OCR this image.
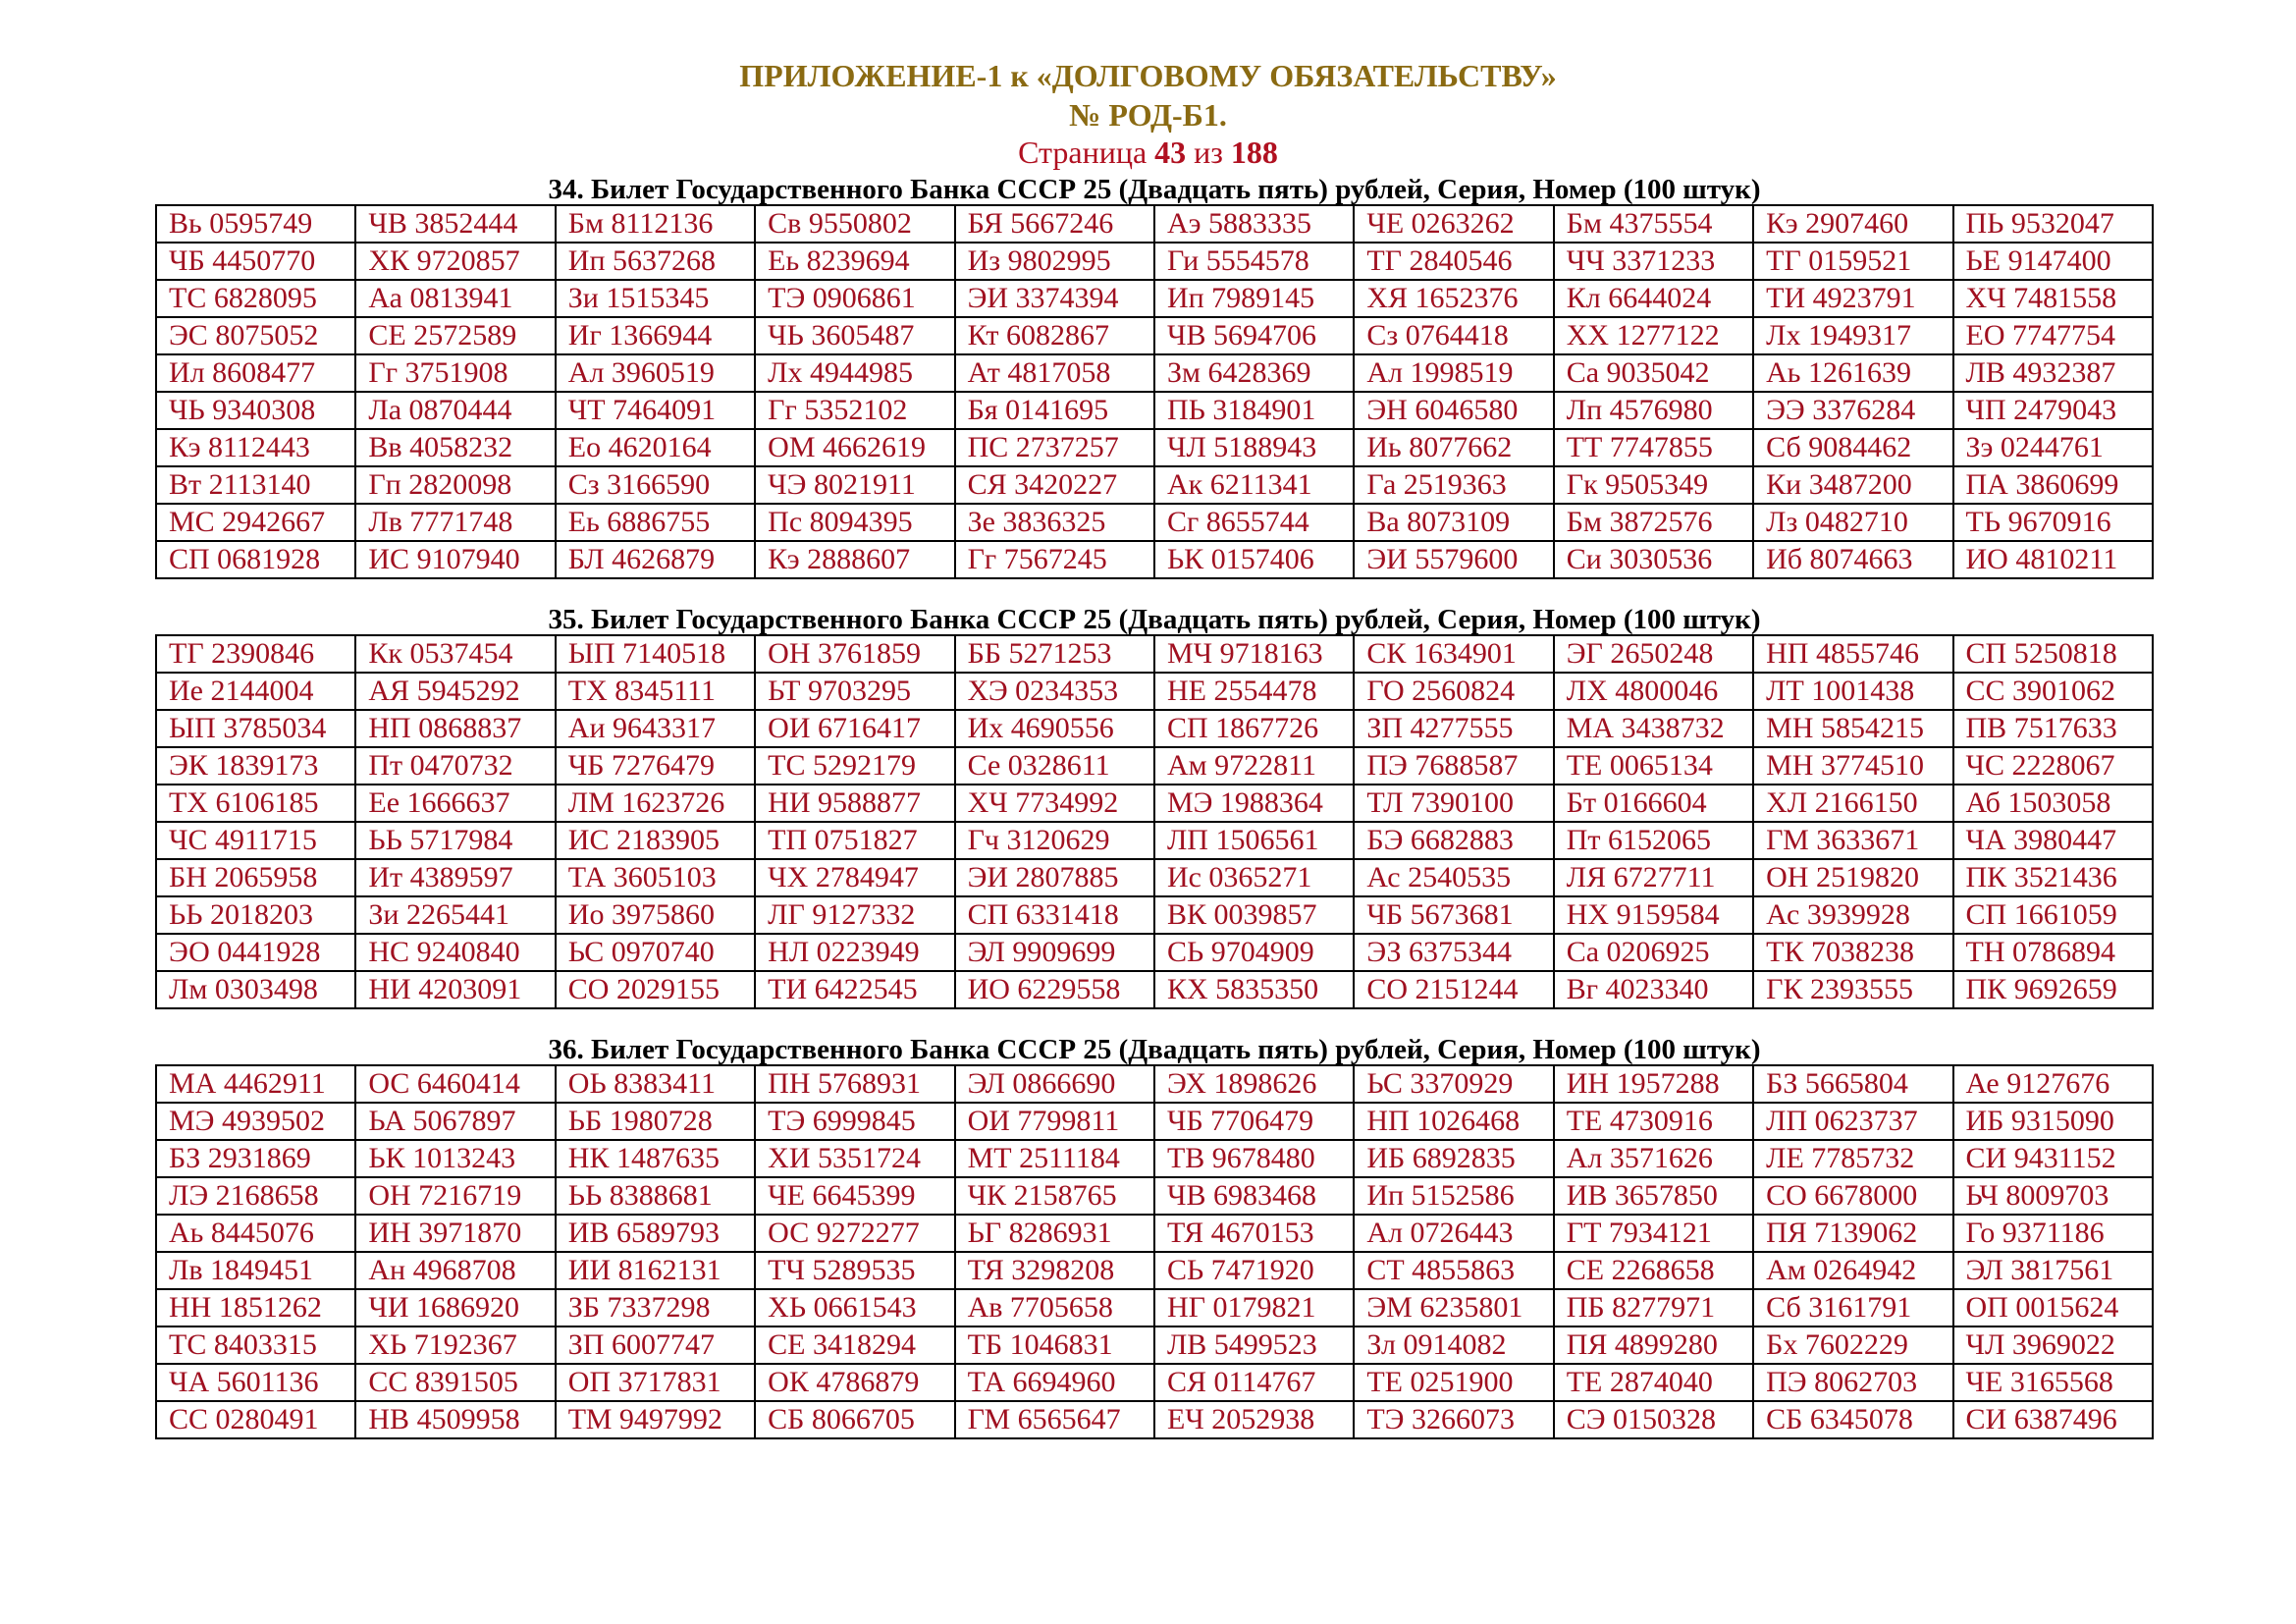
ПРИЛОЖЕНИЕ-1 к «ДОЛГОВОМУ ОБЯЗАТЕЛЬСТВУ»
№ РОД-Б1.
Страница 43 из 188
34. Билет Государственного Банка СССР 25 (Двадцать пять) рублей, Серия, Номер (100 штук)
Вь 0595749	ЧВ 3852444	Бм 8112136	Св 9550802	БЯ 5667246	Аэ 5883335	ЧЕ 0263262	Бм 4375554	Кэ 2907460	ПЬ 9532047
ЧБ 4450770	ХК 9720857	Ип 5637268	Еь 8239694	Из 9802995	Ги 5554578	ТГ 2840546	ЧЧ 3371233	ТГ 0159521	ЬЕ 9147400
ТС 6828095	Аа 0813941	Зи 1515345	ТЭ 0906861	ЭИ 3374394	Ип 7989145	ХЯ 1652376	Кл 6644024	ТИ 4923791	ХЧ 7481558
ЭС 8075052	СЕ 2572589	Иг 1366944	ЧЬ 3605487	Кт 6082867	ЧВ 5694706	Сз 0764418	ХХ 1277122	Лх 1949317	ЕО 7747754
Ил 8608477	Гг 3751908	Ал 3960519	Лх 4944985	Ат 4817058	Зм 6428369	Ал 1998519	Са 9035042	Аь 1261639	ЛВ 4932387
ЧЬ 9340308	Ла 0870444	ЧТ 7464091	Гг 5352102	Бя 0141695	ПЬ 3184901	ЭН 6046580	Лп 4576980	ЭЭ 3376284	ЧП 2479043
Кэ 8112443	Вв 4058232	Ео 4620164	ОМ 4662619	ПС 2737257	ЧЛ 5188943	Иь 8077662	ТТ 7747855	Сб 9084462	Зэ 0244761
Вт 2113140	Гп 2820098	Сз 3166590	ЧЭ 8021911	СЯ 3420227	Ак 6211341	Га 2519363	Гк 9505349	Ки 3487200	ПА 3860699
МС 2942667	Лв 7771748	Еь 6886755	Пс 8094395	Зе 3836325	Сг 8655744	Ва 8073109	Бм 3872576	Лз 0482710	ТЬ 9670916
СП 0681928	ИС 9107940	БЛ 4626879	Кэ 2888607	Гг 7567245	ЬК 0157406	ЭИ 5579600	Си 3030536	Иб 8074663	ИО 4810211
35. Билет Государственного Банка СССР 25 (Двадцать пять) рублей, Серия, Номер (100 штук)
ТГ 2390846	Кк 0537454	ЫП 7140518	ОН 3761859	ББ 5271253	МЧ 9718163	СК 1634901	ЭГ 2650248	НП 4855746	СП 5250818
Ие 2144004	АЯ 5945292	ТХ 8345111	ЬТ 9703295	ХЭ 0234353	НЕ 2554478	ГО 2560824	ЛХ 4800046	ЛТ 1001438	СС 3901062
ЫП 3785034	НП 0868837	Аи 9643317	ОИ 6716417	Их 4690556	СП 1867726	ЗП 4277555	МА 3438732	МН 5854215	ПВ 7517633
ЭК 1839173	Пт 0470732	ЧБ 7276479	ТС 5292179	Се 0328611	Ам 9722811	ПЭ 7688587	ТЕ 0065134	МН 3774510	ЧС 2228067
ТХ 6106185	Ее 1666637	ЛМ 1623726	НИ 9588877	ХЧ 7734992	МЭ 1988364	ТЛ 7390100	Бт 0166604	ХЛ 2166150	Аб 1503058
ЧС 4911715	ЬЬ 5717984	ИС 2183905	ТП 0751827	Гч 3120629	ЛП 1506561	БЭ 6682883	Пт 6152065	ГМ 3633671	ЧА 3980447
БН 2065958	Ит 4389597	ТА 3605103	ЧХ 2784947	ЭИ 2807885	Ис 0365271	Ас 2540535	ЛЯ 6727711	ОН 2519820	ПК 3521436
ЬЬ 2018203	Зи 2265441	Ио 3975860	ЛГ 9127332	СП 6331418	ВК 0039857	ЧБ 5673681	НХ 9159584	Ас 3939928	СП 1661059
ЭО 0441928	НС 9240840	ЬС 0970740	НЛ 0223949	ЭЛ 9909699	СЬ 9704909	ЭЗ 6375344	Са 0206925	ТК 7038238	ТН 0786894
Лм 0303498	НИ 4203091	СО 2029155	ТИ 6422545	ИО 6229558	КХ 5835350	СО 2151244	Вг 4023340	ГК 2393555	ПК 9692659
36. Билет Государственного Банка СССР 25 (Двадцать пять) рублей, Серия, Номер (100 штук)
МА 4462911	ОС 6460414	ОЬ 8383411	ПН 5768931	ЭЛ 0866690	ЭХ 1898626	ЬС 3370929	ИН 1957288	БЗ 5665804	Ае 9127676
МЭ 4939502	ЬА 5067897	ЬБ 1980728	ТЭ 6999845	ОИ 7799811	ЧБ 7706479	НП 1026468	ТЕ 4730916	ЛП 0623737	ИБ 9315090
БЗ 2931869	ЬК 1013243	НК 1487635	ХИ 5351724	МТ 2511184	ТВ 9678480	ИБ 6892835	Ал 3571626	ЛЕ 7785732	СИ 9431152
ЛЭ 2168658	ОН 7216719	ЬЬ 8388681	ЧЕ 6645399	ЧК 2158765	ЧВ 6983468	Ип 5152586	ИВ 3657850	СО 6678000	ЬЧ 8009703
Аь 8445076	ИН 3971870	ИВ 6589793	ОС 9272277	ЬГ 8286931	ТЯ 4670153	Ал 0726443	ГТ 7934121	ПЯ 7139062	Го 9371186
Лв 1849451	Ан 4968708	ИИ 8162131	ТЧ 5289535	ТЯ 3298208	СЬ 7471920	СТ 4855863	СЕ 2268658	Ам 0264942	ЭЛ 3817561
НН 1851262	ЧИ 1686920	ЗБ 7337298	ХЬ 0661543	Ав 7705658	НГ 0179821	ЭМ 6235801	ПБ 8277971	Сб 3161791	ОП 0015624
ТС 8403315	ХЬ 7192367	ЗП 6007747	СЕ 3418294	ТБ 1046831	ЛВ 5499523	Зл 0914082	ПЯ 4899280	Бх 7602229	ЧЛ 3969022
ЧА 5601136	СС 8391505	ОП 3717831	ОК 4786879	ТА 6694960	СЯ 0114767	ТЕ 0251900	ТЕ 2874040	ПЭ 8062703	ЧЕ 3165568
СС 0280491	НВ 4509958	ТМ 9497992	СБ 8066705	ГМ 6565647	ЕЧ 2052938	ТЭ 3266073	СЭ 0150328	СБ 6345078	СИ 6387496
